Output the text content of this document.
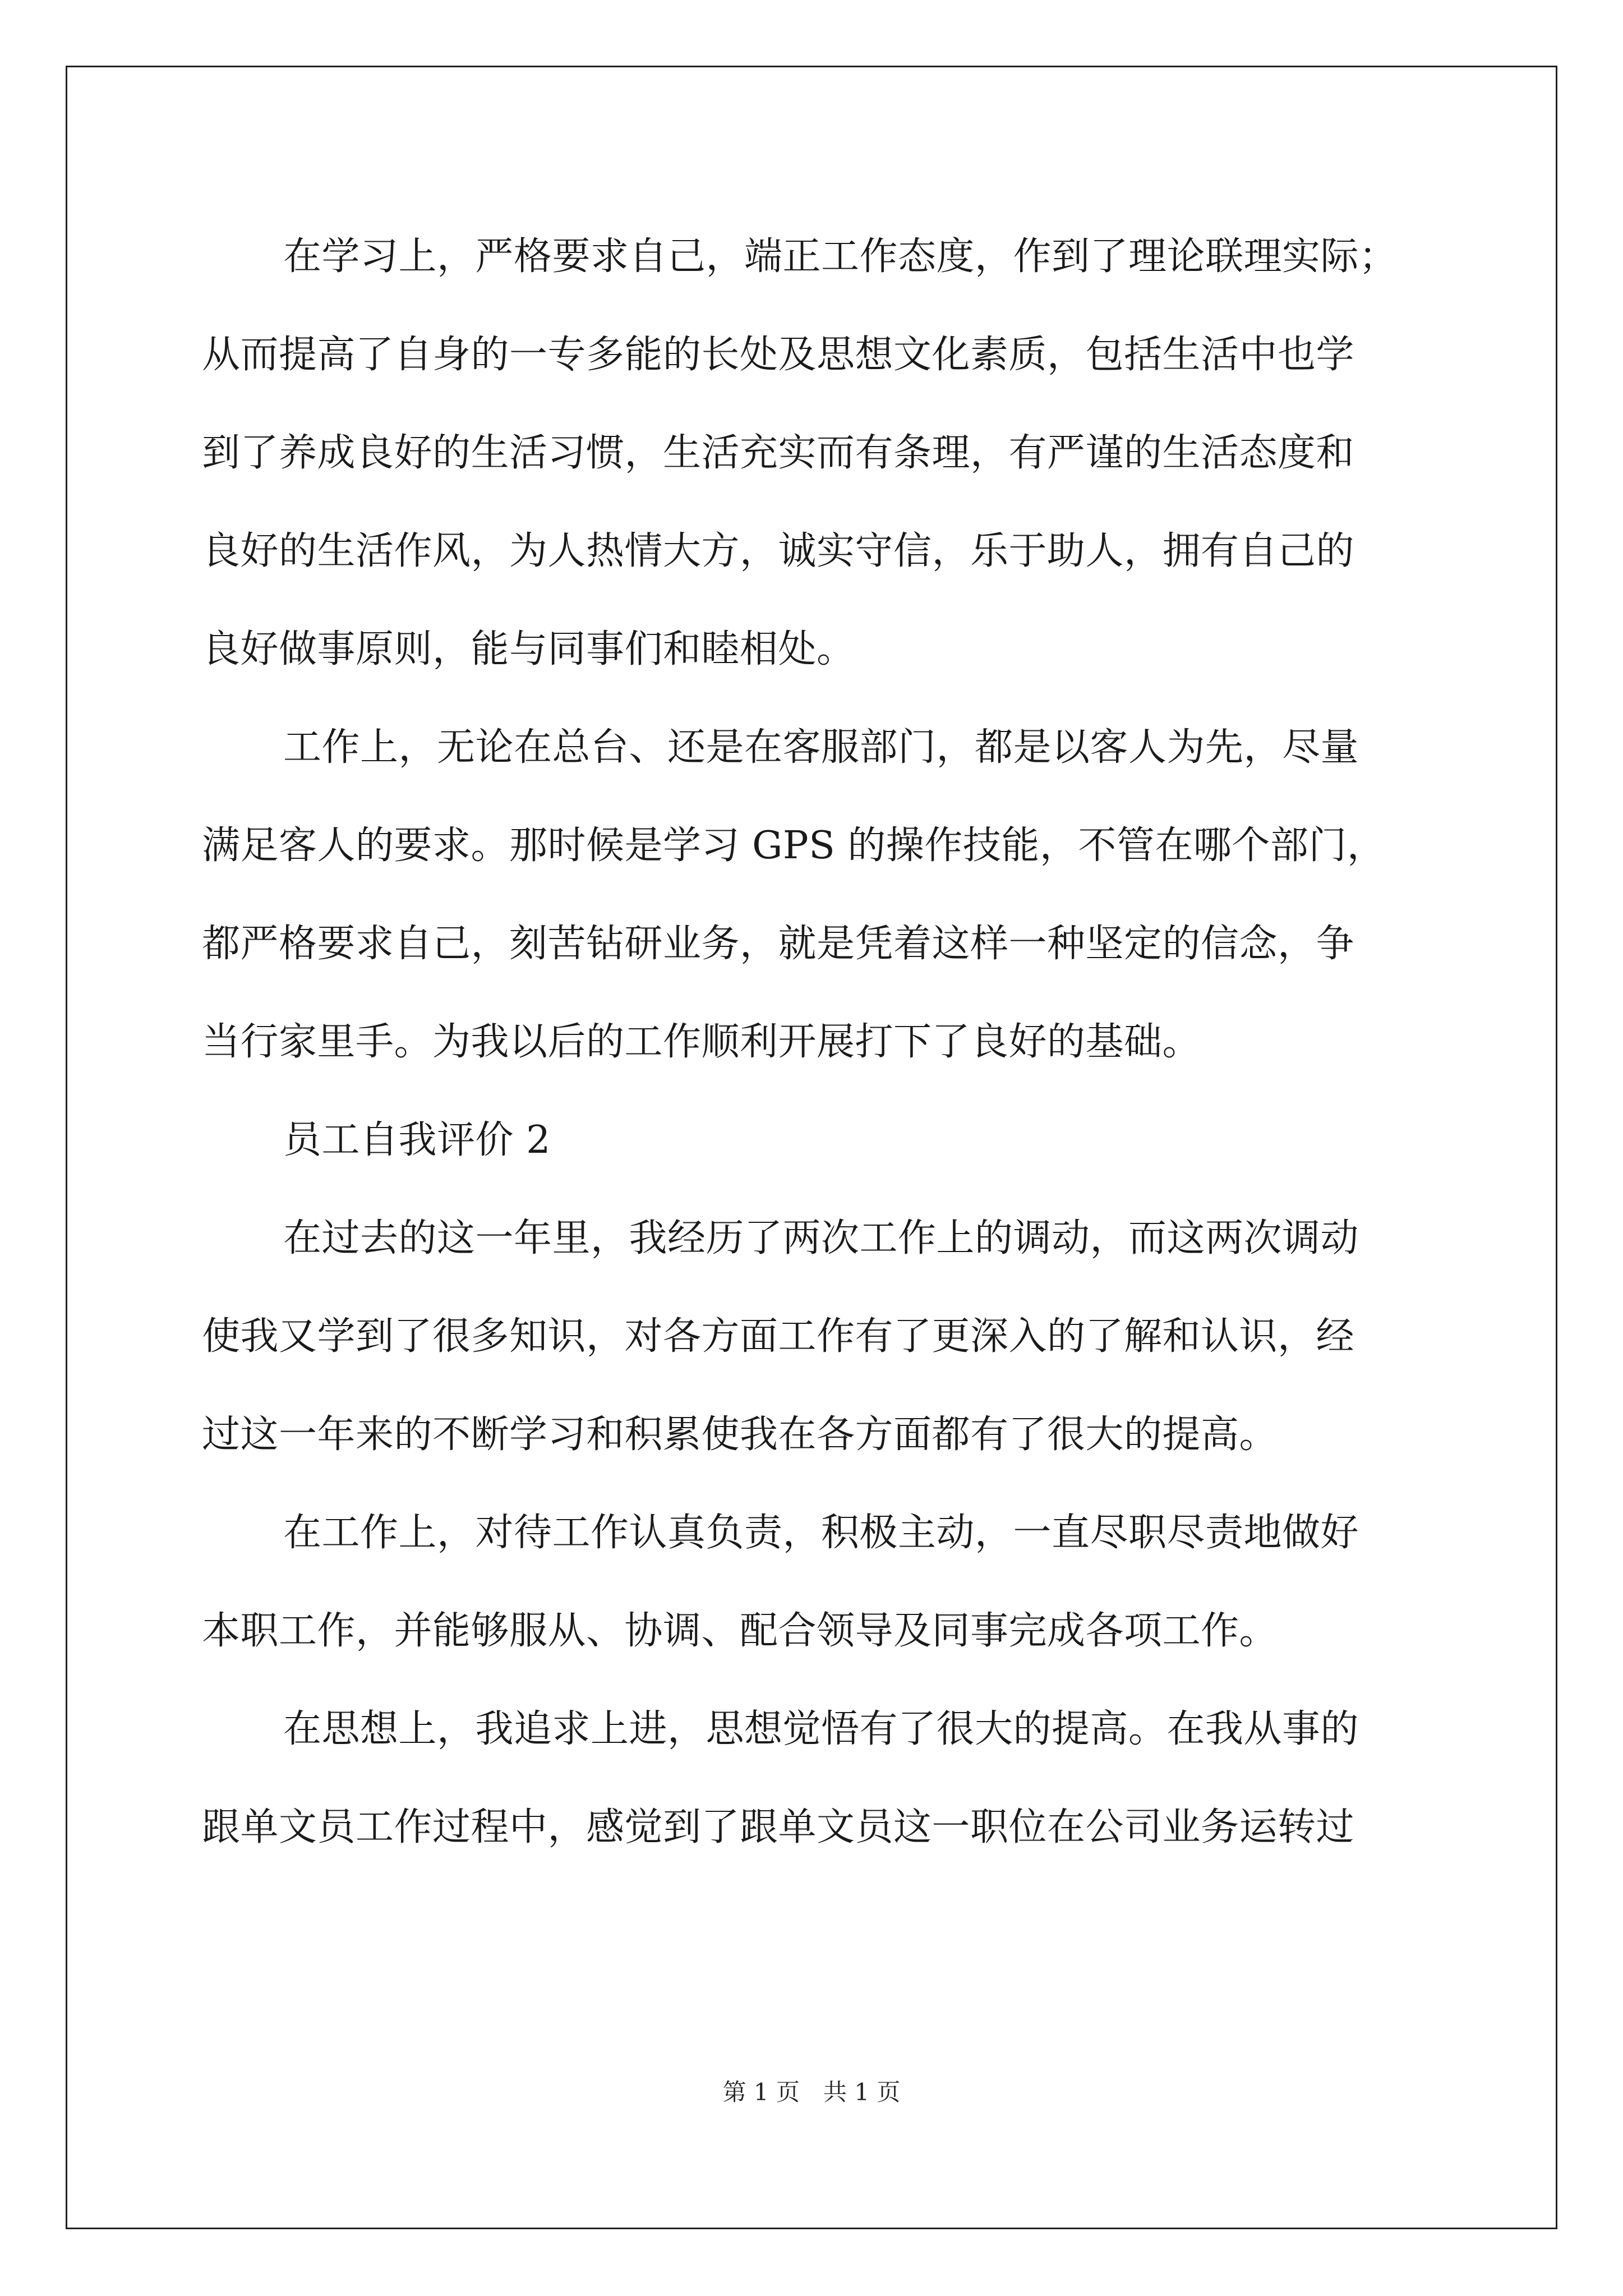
在学习上，严格要求自己，端正工作态度，作到了理论联理实际；
从而提高了自身的一专多能的长处及思想文化素质，包括生活中也学
到了养成良好的生活习惯，生活充实而有条理，有严谨的生活态度和
良好的生活作风，为人热情大方，诚实守信，乐于助人，拥有自己的
良好做事原则，能与同事们和睦相处。
工作上，无论在总台、还是在客服部门，都是以客人为先，尽量
满足客人的要求。那时候是学习 GPS 的操作技能，不管在哪个部门，
都严格要求自己，刻苦钻研业务，就是凭着这样一种坚定的信念，争
当行家里手。为我以后的工作顺利开展打下了良好的基础。
员工自我评价 2
在过去的这一年里，我经历了两次工作上的调动，而这两次调动
使我又学到了很多知识，对各方面工作有了更深入的了解和认识，经
过这一年来的不断学习和积累使我在各方面都有了很大的提高。
在工作上，对待工作认真负责，积极主动，一直尽职尽责地做好
本职工作，并能够服从、协调、配合领导及同事完成各项工作。
在思想上，我追求上进，思想觉悟有了很大的提高。在我从事的
跟单文员工作过程中，感觉到了跟单文员这一职位在公司业务运转过
第 1 页　共 1 页
